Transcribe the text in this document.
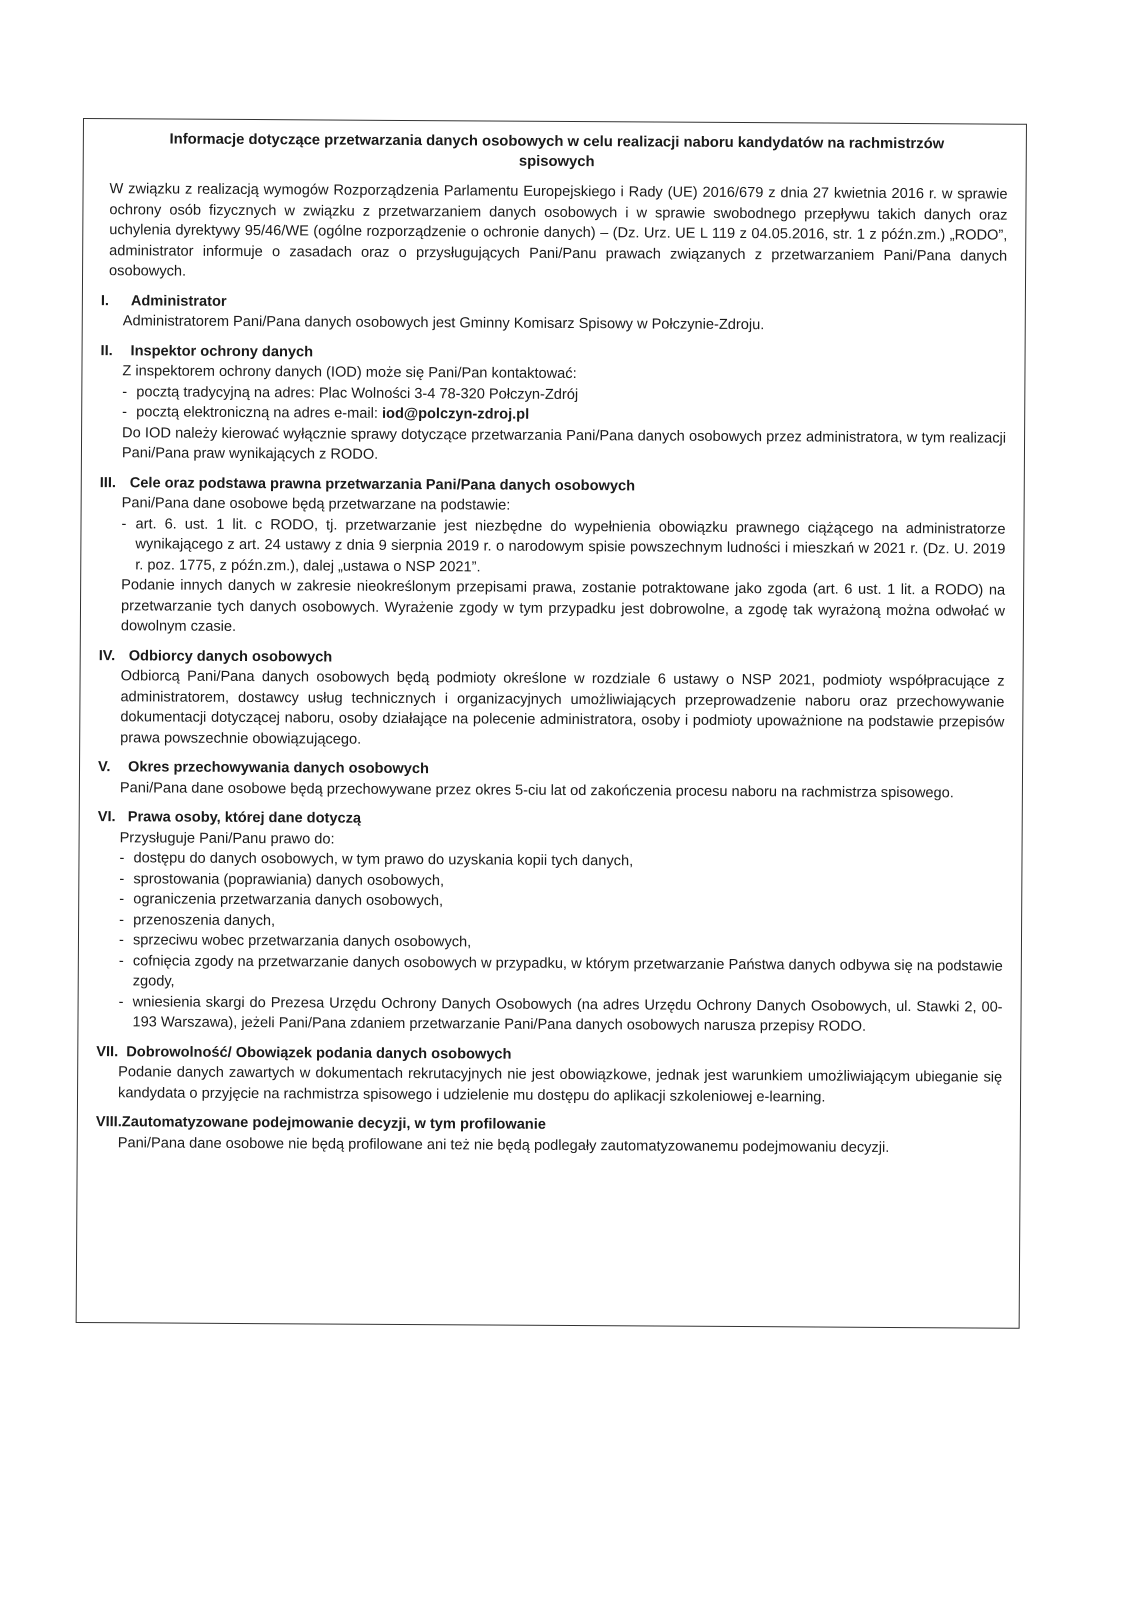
Informacje dotyczące przetwarzania danych osobowych w celu realizacji naboru kandydatów na rachmistrzów spisowych

W związku z realizacją wymogów Rozporządzenia Parlamentu Europejskiego i Rady (UE) 2016/679 z dnia 27 kwietnia 2016 r. w sprawie ochrony osób fizycznych w związku z przetwarzaniem danych osobowych i w sprawie swobodnego przepływu takich danych oraz uchylenia dyrektywy 95/46/WE (ogólne rozporządzenie o ochronie danych) – (Dz. Urz. UE L 119 z 04.05.2016, str. 1 z późn.zm.) „RODO”, administrator informuje o zasadach oraz o przysługujących Pani/Panu prawach związanych z przetwarzaniem Pani/Pana danych osobowych.

I.	Administrator

Administratorem Pani/Pana danych osobowych jest Gminny Komisarz Spisowy w Połczynie-Zdroju.

II.	Inspektor ochrony danych

Z inspektorem ochrony danych (IOD) może się Pani/Pan kontaktować:

- pocztą tradycyjną na adres: Plac Wolności 3-4 78-320 Połczyn-Zdrój
- pocztą elektroniczną na adres e-mail: iod@polczyn-zdroj.pl

Do IOD należy kierować wyłącznie sprawy dotyczące przetwarzania Pani/Pana danych osobowych przez administratora, w tym realizacji Pani/Pana praw wynikających z RODO.

III. Cele oraz podstawa prawna przetwarzania Pani/Pana danych osobowych

Pani/Pana dane osobowe będą przetwarzane na podstawie:

- art. 6. ust. 1 lit. c RODO, tj. przetwarzanie jest niezbędne do wypełnienia obowiązku prawnego ciążącego na administratorze wynikającego z art. 24 ustawy z dnia 9 sierpnia 2019 r. o narodowym spisie powszechnym ludności i mieszkań w 2021 r. (Dz. U. 2019 r. poz. 1775, z późn.zm.), dalej „ustawa o NSP 2021”.

Podanie innych danych w zakresie nieokreślonym przepisami prawa, zostanie potraktowane jako zgoda (art. 6 ust. 1 lit. a RODO) na przetwarzanie tych danych osobowych. Wyrażenie zgody w tym przypadku jest dobrowolne, a zgodę tak wyrażoną można odwołać w dowolnym czasie.

IV. Odbiorcy danych osobowych

Odbiorcą Pani/Pana danych osobowych będą podmioty określone w rozdziale 6 ustawy o NSP 2021, podmioty współpracujące z administratorem, dostawcy usług technicznych i organizacyjnych umożliwiających przeprowadzenie naboru oraz przechowywanie dokumentacji dotyczącej naboru, osoby działające na polecenie administratora, osoby i podmioty upoważnione na podstawie przepisów prawa powszechnie obowiązującego.

V.	Okres przechowywania danych osobowych

Pani/Pana dane osobowe będą przechowywane przez okres 5-ciu lat od zakończenia procesu naboru na rachmistrza spisowego.

VI. Prawa osoby, której dane dotyczą

Przysługuje Pani/Panu prawo do:

- dostępu do danych osobowych, w tym prawo do uzyskania kopii tych danych,
- sprostowania (poprawiania) danych osobowych,
- ograniczenia przetwarzania danych osobowych,
- przenoszenia danych,
- sprzeciwu wobec przetwarzania danych osobowych,
- cofnięcia zgody na przetwarzanie danych osobowych w przypadku, w którym przetwarzanie Państwa danych odbywa się na podstawie zgody,
- wniesienia skargi do Prezesa Urzędu Ochrony Danych Osobowych (na adres Urzędu Ochrony Danych Osobowych, ul. Stawki 2, 00-193 Warszawa), jeżeli Pani/Pana zdaniem przetwarzanie Pani/Pana danych osobowych narusza przepisy RODO.
VII. Dobrowolność/ Obowiązek podania danych osobowych

Podanie danych zawartych w dokumentach rekrutacyjnych nie jest obowiązkowe, jednak jest warunkiem umożliwiającym ubieganie się kandydata o przyjęcie na rachmistrza spisowego i udzielenie mu dostępu do aplikacji szkoleniowej e-learning.

VIII. Zautomatyzowane podejmowanie decyzji, w tym profilowanie

Pani/Pana dane osobowe nie będą profilowane ani też nie będą podlegały zautomatyzowanemu podejmowaniu decyzji.
